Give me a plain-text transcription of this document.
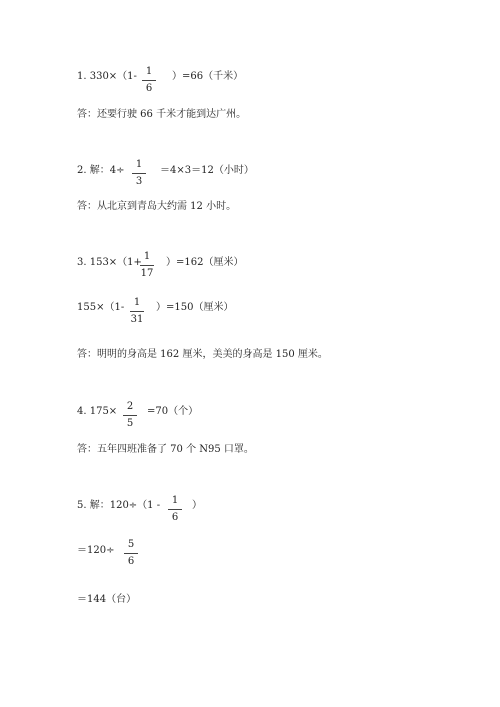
1. 330×（1- 1
6
）=66（千米）
答：还要行驶 66 千米才能到达广州。
2. 解：4÷
1
3
＝4×3＝12（小时）
答：从北京到青岛大约需 12 小时。
3. 153×（1+
1
17
）=162（厘米）
155×（1- 1
31
）=150（厘米）
答：明明的身高是 162 厘米，美美的身高是 150 厘米。
4. 175× 2
5
=70（个）
答：五年四班准备了 70 个 N95 口罩。
5. 解：120÷（1 -	1
6
）
＝120÷
5
6
＝144（台）
